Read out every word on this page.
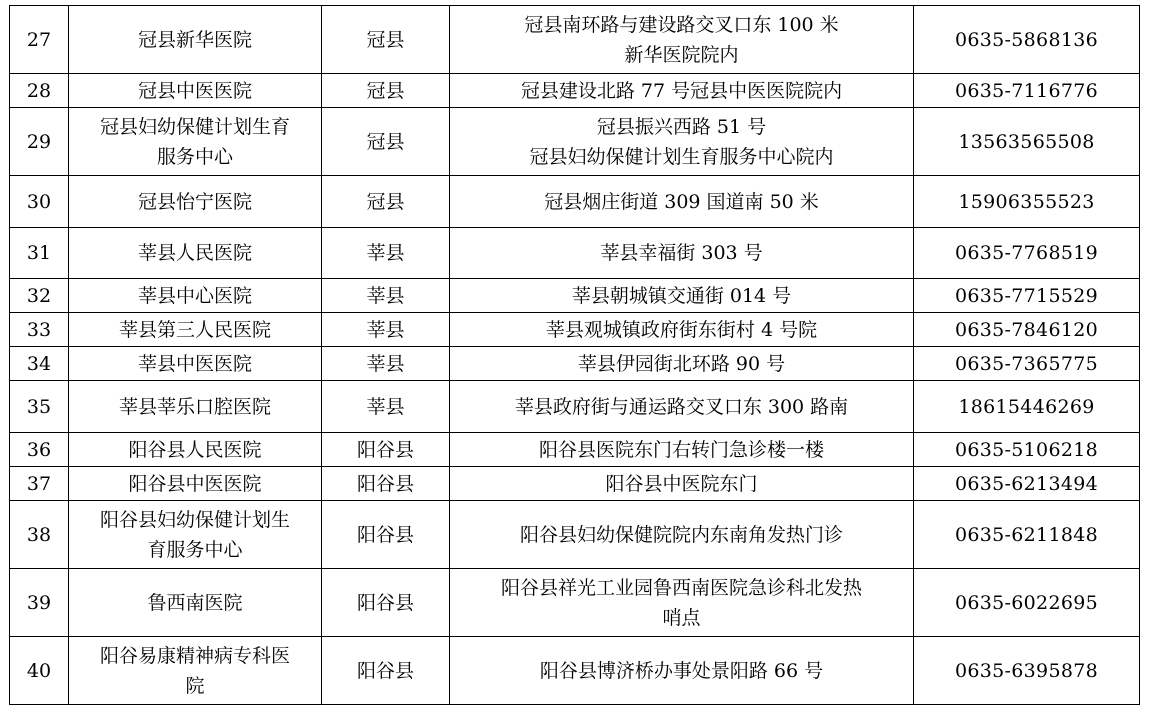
27	冠县新华医院	冠县	冠县南环路与建设路交叉口东 100 米
新华医院院内	0635-5868136
28	冠县中医医院	冠县	冠县建设北路 77 号冠县中医医院院内	0635-7116776
29	冠县妇幼保健计划生育
服务中心	冠县	冠县振兴西路 51 号
冠县妇幼保健计划生育服务中心院内	13563565508
30	冠县怡宁医院	冠县	冠县烟庄街道 309 国道南 50 米	15906355523
31	莘县人民医院	莘县	莘县幸福街 303 号	0635-7768519
32	莘县中心医院	莘县	莘县朝城镇交通街 014 号	0635-7715529
33	莘县第三人民医院	莘县	莘县观城镇政府街东街村 4 号院	0635-7846120
34	莘县中医医院	莘县	莘县伊园街北环路 90 号	0635-7365775
35	莘县莘乐口腔医院	莘县	莘县政府街与通运路交叉口东 300 路南	18615446269
36	阳谷县人民医院	阳谷县	阳谷县医院东门右转门急诊楼一楼	0635-5106218
37	阳谷县中医医院	阳谷县	阳谷县中医院东门	0635-6213494
38	阳谷县妇幼保健计划生
育服务中心	阳谷县	阳谷县妇幼保健院院内东南角发热门诊	0635-6211848
39	鲁西南医院	阳谷县	阳谷县祥光工业园鲁西南医院急诊科北发热
哨点	0635-6022695
40	阳谷易康精神病专科医
院	阳谷县	阳谷县博济桥办事处景阳路 66 号	0635-6395878
